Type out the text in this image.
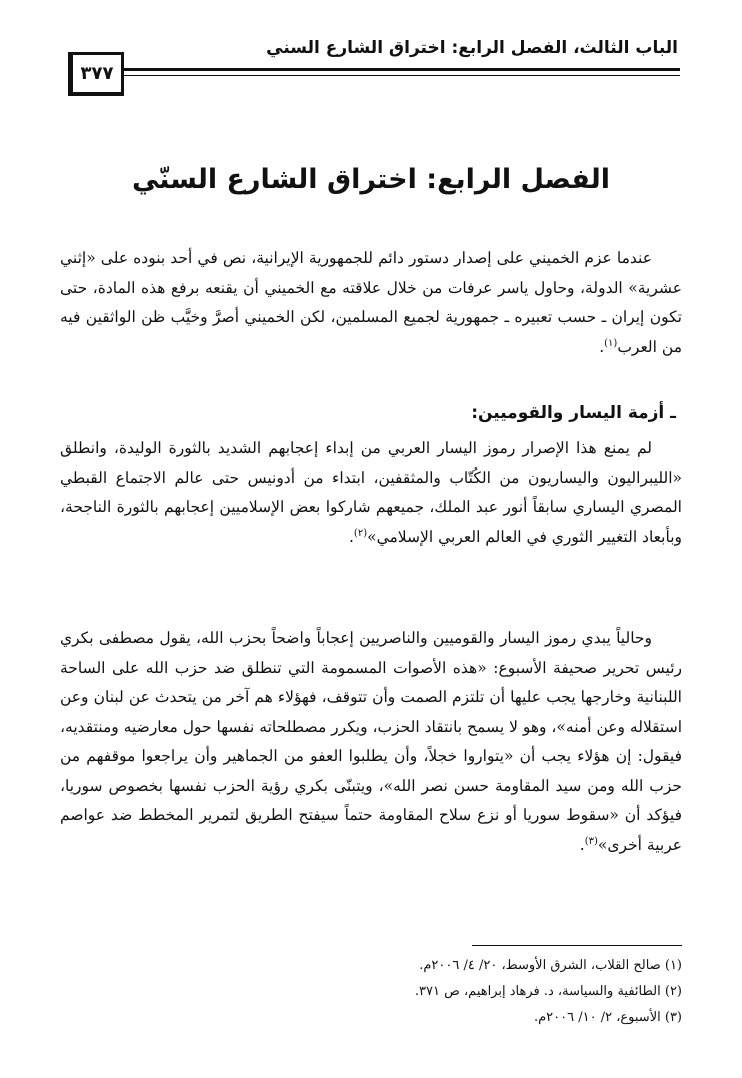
الباب الثالث، الفصل الرابع: اختراق الشارع السني
٣٧٧
الفصل الرابع: اختراق الشارع السنّي
عندما عزم الخميني على إصدار دستور دائم للجمهورية الإيرانية، نص في أحد بنوده على «إثني عشرية» الدولة، وحاول ياسر عرفات من خلال علاقته مع الخميني أن يقنعه برفع هذه المادة، حتى تكون إيران ـ حسب تعبيره ـ جمهورية لجميع المسلمين، لكن الخميني أصرَّ وخيَّب ظن الواثقين فيه من العرب$^{(١)}$.
ـ أزمة اليسار والقوميين:
لم يمنع هذا الإصرار رموز اليسار العربي من إبداء إعجابهم الشديد بالثورة الوليدة، وانطلق «الليبراليون واليساريون من الكُتّاب والمثقفين، ابتداء من أدونيس حتى عالم الاجتماع القبطي المصري اليساري سابقاً أنور عبد الملك، جميعهم شاركوا بعض الإسلاميين إعجابهم بالثورة الناجحة، وبأبعاد التغيير الثوري في العالم العربي الإسلامي»$^{(٢)}$.
وحالياً يبدي رموز اليسار والقوميين والناصريين إعجاباً واضحاً بحزب الله، يقول مصطفى بكري رئيس تحرير صحيفة الأسبوع: «هذه الأصوات المسمومة التي تنطلق ضد حزب الله على الساحة اللبنانية وخارجها يجب عليها أن تلتزم الصمت وأن تتوقف، فهؤلاء هم آخر من يتحدث عن لبنان وعن استقلاله وعن أمنه»، وهو لا يسمح بانتقاد الحزب، ويكرر مصطلحاته نفسها حول معارضيه ومنتقديه، فيقول: إن هؤلاء يجب أن «يتواروا خجلاً، وأن يطلبوا العفو من الجماهير وأن يراجعوا موقفهم من حزب الله ومن سيد المقاومة حسن نصر الله»، ويتبنّى بكري رؤية الحزب نفسها بخصوص سوريا، فيؤكد أن «سقوط سوريا أو نزع سلاح المقاومة حتماً سيفتح الطريق لتمرير المخطط ضد عواصم عربية أخرى»$^{(٣)}$.
(١) صالح القلاب، الشرق الأوسط، ٢٠/ ٤/ ٢٠٠٦م.
(٢) الطائفية والسياسة، د. فرهاد إبراهيم، ص ٣٧١.
(٣) الأسبوع، ٢/ ١٠/ ٢٠٠٦م.
